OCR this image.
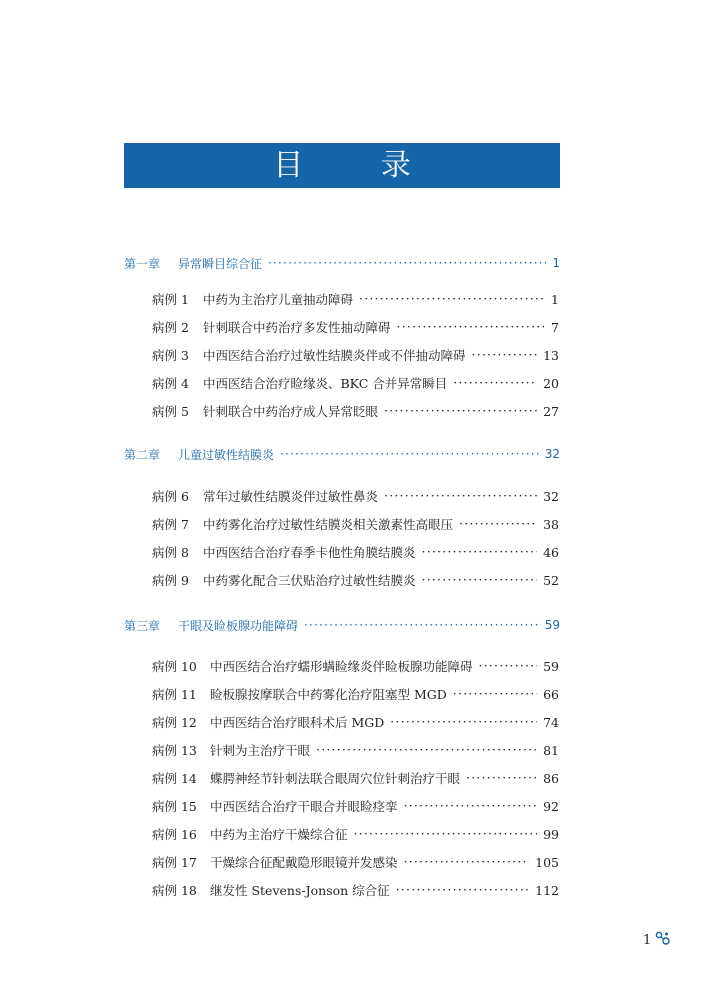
目 录
第一章	异常瞬目综合征 ·····	1
病例 1	中药为主治疗儿童抽动障碍 ·····	1
病例 2	针刺联合中药治疗多发性抽动障碍 ·····	7
病例 3	中西医结合治疗过敏性结膜炎伴或不伴抽动障碍 ·····	13
病例 4	中西医结合治疗睑缘炎、BKC 合并异常瞬目 ·····	20
病例 5	针刺联合中药治疗成人异常眨眼 ·····	27
第二章	儿童过敏性结膜炎 ·····	32
病例 6	常年过敏性结膜炎伴过敏性鼻炎 ·····	32
病例 7	中药雾化治疗过敏性结膜炎相关激素性高眼压 ·····	38
病例 8	中西医结合治疗春季卡他性角膜结膜炎 ·····	46
病例 9	中药雾化配合三伏贴治疗过敏性结膜炎 ·····	52
第三章	干眼及睑板腺功能障碍 ·····	59
病例 10	中西医结合治疗蠕形螨睑缘炎伴睑板腺功能障碍 ·····	59
病例 11	睑板腺按摩联合中药雾化治疗阻塞型 MGD ·····	66
病例 12	中西医结合治疗眼科术后 MGD ·····	74
病例 13	针刺为主治疗干眼 ·····	81
病例 14	蝶腭神经节针刺法联合眼周穴位针刺治疗干眼 ·····	86
病例 15	中西医结合治疗干眼合并眼睑痉挛 ·····	92
病例 16	中药为主治疗干燥综合征 ·····	99
病例 17	干燥综合征配戴隐形眼镜并发感染 ·····	105
病例 18	继发性 Stevens-Jonson 综合征 ·····	112
1
